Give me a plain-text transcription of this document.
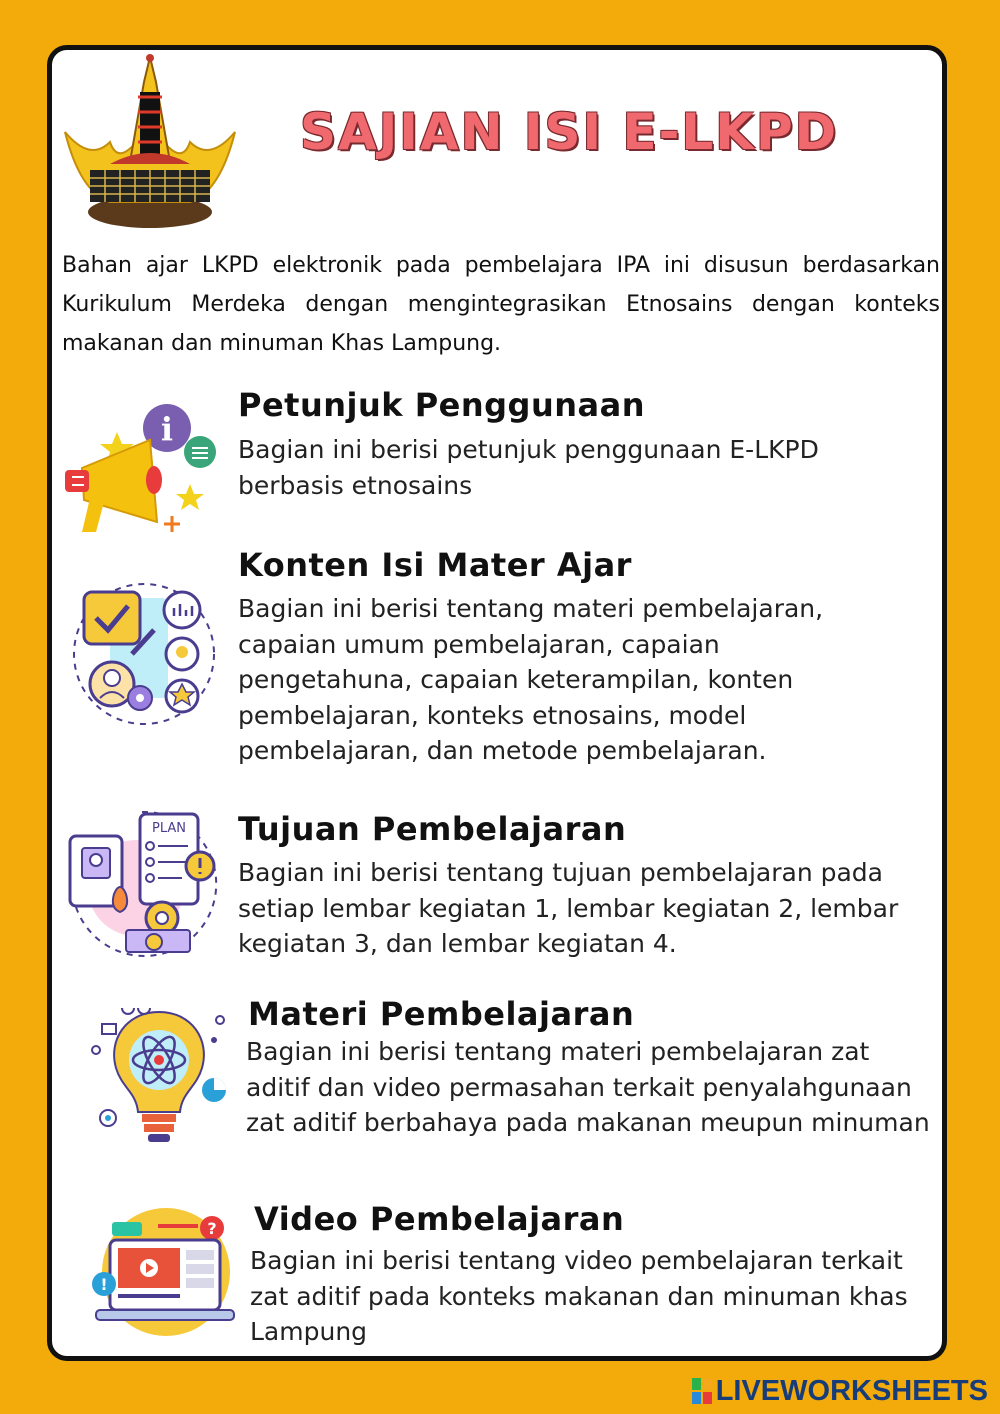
SAJIAN ISI E-LKPD
Bahan ajar LKPD elektronik pada pembelajara IPA ini disusun berdasarkan Kurikulum Merdeka dengan mengintegrasikan Etnosains dengan konteks makanan dan minuman Khas Lampung.
i
Petunjuk Penggunaan
Bagian ini berisi petunjuk penggunaan E-LKPD berbasis etnosains
Konten Isi Mater Ajar
Bagian ini berisi tentang materi pembelajaran, capaian umum pembelajaran, capaian pengetahuna, capaian keterampilan, konten pembelajaran, konteks etnosains, model pembelajaran, dan metode pembelajaran.
PLAN Tujuan Pembelajaran
Bagian ini berisi tentang tujuan pembelajaran pada setiap lembar kegiatan 1, lembar kegiatan 2, lembar kegiatan 3, dan lembar kegiatan 4.
Materi Pembelajaran
Bagian ini berisi tentang materi pembelajaran zat aditif dan video permasahan terkait penyalahgunaan zat aditif berbahaya pada makanan meupun minuman
?
!
Video Pembelajaran
Bagian ini berisi tentang video pembelajaran terkait zat aditif pada konteks makanan dan minuman khas Lampung
LIVEWORKSHEETS
